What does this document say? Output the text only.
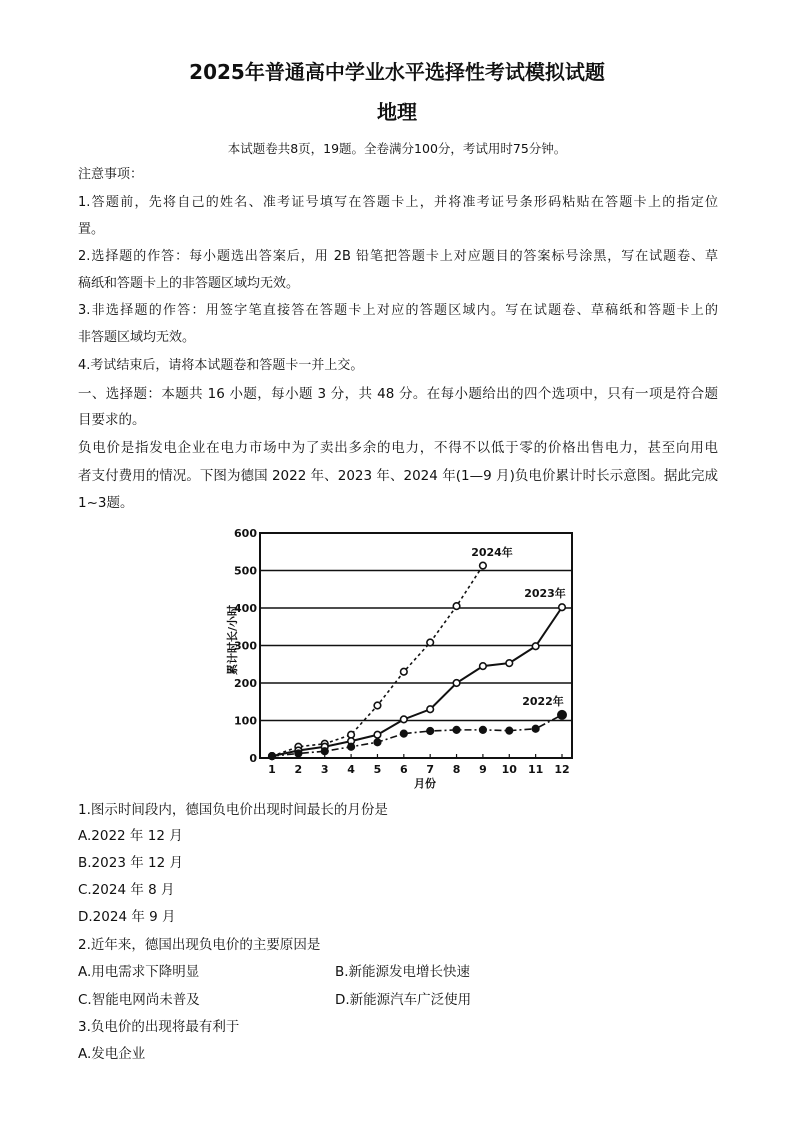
2025年普通高中学业水平选择性考试模拟试题
地理
本试题卷共8页，19题。全卷满分100分，考试用时75分钟。
注意事项：
1.答题前，先将自己的姓名、准考证号填写在答题卡上，并将准考证号条形码粘贴在答题卡上的指定位
置。
2.选择题的作答：每小题选出答案后，用 2B 铅笔把答题卡上对应题目的答案标号涂黑，写在试题卷、草
稿纸和答题卡上的非答题区域均无效。
3.非选择题的作答：用签字笔直接答在答题卡上对应的答题区域内。写在试题卷、草稿纸和答题卡上的
非答题区域均无效。
4.考试结束后，请将本试题卷和答题卡一并上交。
一、选择题：本题共 16 小题，每小题 3 分，共 48 分。在每小题给出的四个选项中，只有一项是符合题
目要求的。
负电价是指发电企业在电力市场中为了卖出多余的电力，不得不以低于零的价格出售电力，甚至向用电
者支付费用的情况。下图为德国 2022 年、2023 年、2024 年(1—9 月)负电价累计时长示意图。据此完成
1~3题。
0
100
200
300
400
500
600
1 2 3 4 5 6 7 8 9 10 11 12
月份
累计时长/小时
2024年
2023年
2022年
1.图示时间段内，德国负电价出现时间最长的月份是
A.2022 年 12 月
B.2023 年 12 月
C.2024 年 8 月
D.2024 年 9 月
2.近年来，德国出现负电价的主要原因是
A.用电需求下降明显	B.新能源发电增长快速
C.智能电网尚未普及	D.新能源汽车广泛使用
3.负电价的出现将最有利于
A.发电企业
